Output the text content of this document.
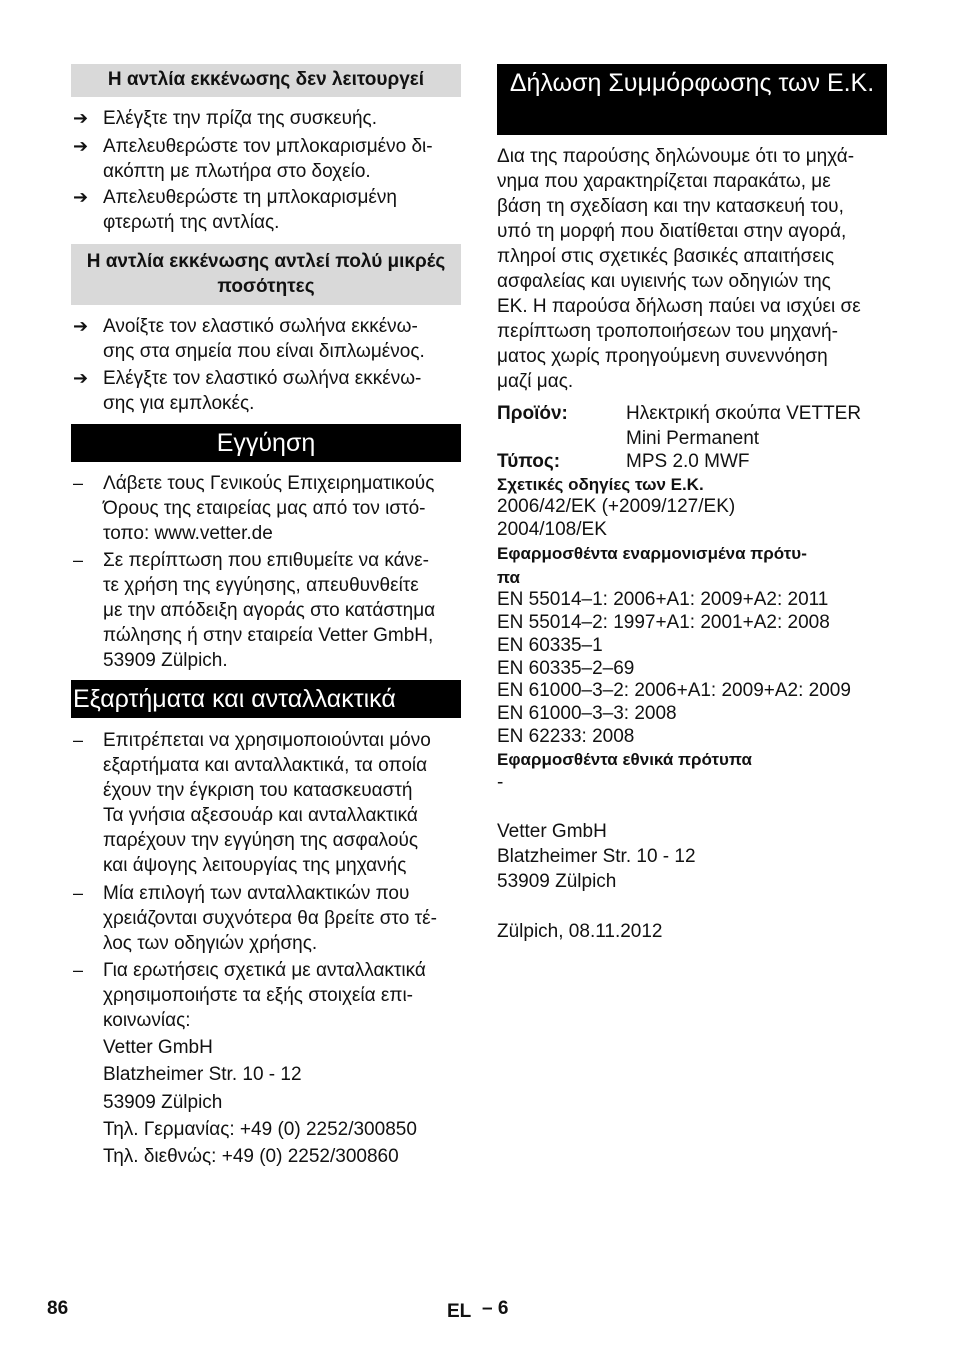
Η αντλία εκκένωσης δεν λειτουργεί
➔ Ελέγξτε την πρίζα της συσκευής.
➔ Απελευθερώστε τον μπλοκαρισμένο δι-
ακόπτη με πλωτήρα στο δοχείο.
➔ Απελευθερώστε τη μπλοκαρισμένη
φτερωτή της αντλίας.
Η αντλία εκκένωσης αντλεί πολύ μικρές ποσότητες
➔ Ανοίξτε τον ελαστικό σωλήνα εκκένω-
σης στα σημεία που είναι διπλωμένος.
➔ Ελέγξτε τον ελαστικό σωλήνα εκκένω-
σης για εμπλοκές.
Εγγύηση
– Λάβετε τους Γενικούς Επιχειρηματικούς
Όρους της εταιρείας μας από τον ιστό-
τοπο: www.vetter.de
– Σε περίπτωση που επιθυμείτε να κάνε-
τε χρήση της εγγύησης, απευθυνθείτε
με την απόδειξη αγοράς στο κατάστημα
πώλησης ή στην εταιρεία Vetter GmbH,
53909 Zülpich.
Εξαρτήματα και ανταλλακτικά
– Επιτρέπεται να χρησιμοποιούνται μόνο
εξαρτήματα και ανταλλακτικά, τα οποία
έχουν την έγκριση του κατασκευαστή
Τα γνήσια αξεσουάρ και ανταλλακτικά
παρέχουν την εγγύηση της ασφαλούς
και άψογης λειτουργίας της μηχανής
– Μία επιλογή των ανταλλακτικών που
χρειάζονται συχνότερα θα βρείτε στο τέ-
λος των οδηγιών χρήσης.
– Για ερωτήσεις σχετικά με ανταλλακτικά
χρησιμοποιήστε τα εξής στοιχεία επι-
κοινωνίας:
Vetter GmbH
Blatzheimer Str. 10 - 12
53909 Zülpich
Τηλ. Γερμανίας: +49 (0) 2252/300850
Τηλ. διεθνώς: +49 (0) 2252/300860
Δήλωση Συμμόρφωσης των Ε.Κ.
Δια της παρούσης δηλώνουμε ότι το μηχά-
νημα που χαρακτηρίζεται παρακάτω, με
βάση τη σχεδίαση και την κατασκευή του,
υπό τη μορφή που διατίθεται στην αγορά,
πληροί στις σχετικές βασικές απαιτήσεις
ασφαλείας και υγιεινής των οδηγιών της
ΕΚ. Η παρούσα δήλωση παύει να ισχύει σε
περίπτωση τροποποιήσεων του μηχανή-
ματος χωρίς προηγούμενη συνεννόηση
μαζί μας.
Προϊόν:	Ηλεκτρική σκούπα VETTER
Mini Permanent
Τύπος:	MPS 2.0 MWF
Σχετικές οδηγίες των Ε.Κ.
2006/42/EK (+2009/127/EK)
2004/108/EK
Εφαρμοσθέντα εναρμονισμένα πρότυ-
πα
EN 55014–1: 2006+A1: 2009+A2: 2011
EN 55014–2: 1997+A1: 2001+A2: 2008
EN 60335–1
EN 60335–2–69
EN 61000–3–2: 2006+A1: 2009+A2: 2009
EN 61000–3–3: 2008
EN 62233: 2008
Εφαρμοσθέντα εθνικά πρότυπα
-
Vetter GmbH
Blatzheimer Str. 10 - 12
53909 Zülpich
Zülpich, 08.11.2012
86	EL – 6
